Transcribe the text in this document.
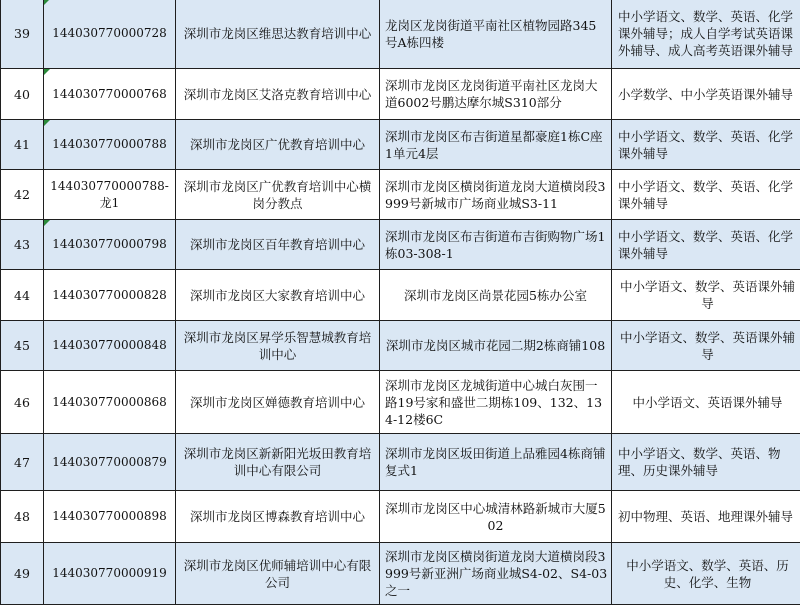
39	144030770000728	深圳市龙岗区维思达教育培训中心	龙岗区龙岗街道平南社区植物园路345号A栋四楼	中小学语文、数学、英语、化学课外辅导；成人自学考试英语课外辅导、成人高考英语课外辅导
40	144030770000768	深圳市龙岗区艾洛克教育培训中心	深圳市龙岗区龙岗街道平南社区龙岗大道6002号鹏达摩尔城S310部分	小学数学、中小学英语课外辅导
41	144030770000788	深圳市龙岗区广优教育培训中心	深圳市龙岗区布吉街道星都豪庭1栋C座1单元4层	中小学语文、数学、英语、化学课外辅导
42	144030770000788-龙1	深圳市龙岗区广优教育培训中心横岗分教点	深圳市龙岗区横岗街道龙岗大道横岗段3999号新城市广场商业城S3-11	中小学语文、数学、英语、化学课外辅导
43	144030770000798	深圳市龙岗区百年教育培训中心	深圳市龙岗区布吉街道布吉街购物广场1栋03-308-1	中小学语文、数学、英语、化学课外辅导
44	144030770000828	深圳市龙岗区大家教育培训中心	深圳市龙岗区尚景花园5栋办公室	中小学语文、数学、英语课外辅导
45	144030770000848	深圳市龙岗区昇学乐智慧城教育培训中心	深圳市龙岗区城市花园二期2栋商铺108	中小学语文、数学、英语课外辅导
46	144030770000868	深圳市龙岗区婵德教育培训中心	深圳市龙岗区龙城街道中心城白灰围一路19号家和盛世二期栋109、132、134-12楼6C	中小学语文、英语课外辅导
47	144030770000879	深圳市龙岗区新新阳光坂田教育培训中心有限公司	深圳市龙岗区坂田街道上品雅园4栋商铺复式1	中小学语文、数学、英语、物理、历史课外辅导
48	144030770000898	深圳市龙岗区博森教育培训中心	深圳市龙岗区中心城清林路新城市大厦502	初中物理、英语、地理课外辅导
49	144030770000919	深圳市龙岗区优师辅培训中心有限公司	深圳市龙岗区横岗街道龙岗大道横岗段3999号新亚洲广场商业城S4-02、S4-03之一	中小学语文、数学、英语、历史、化学、生物
